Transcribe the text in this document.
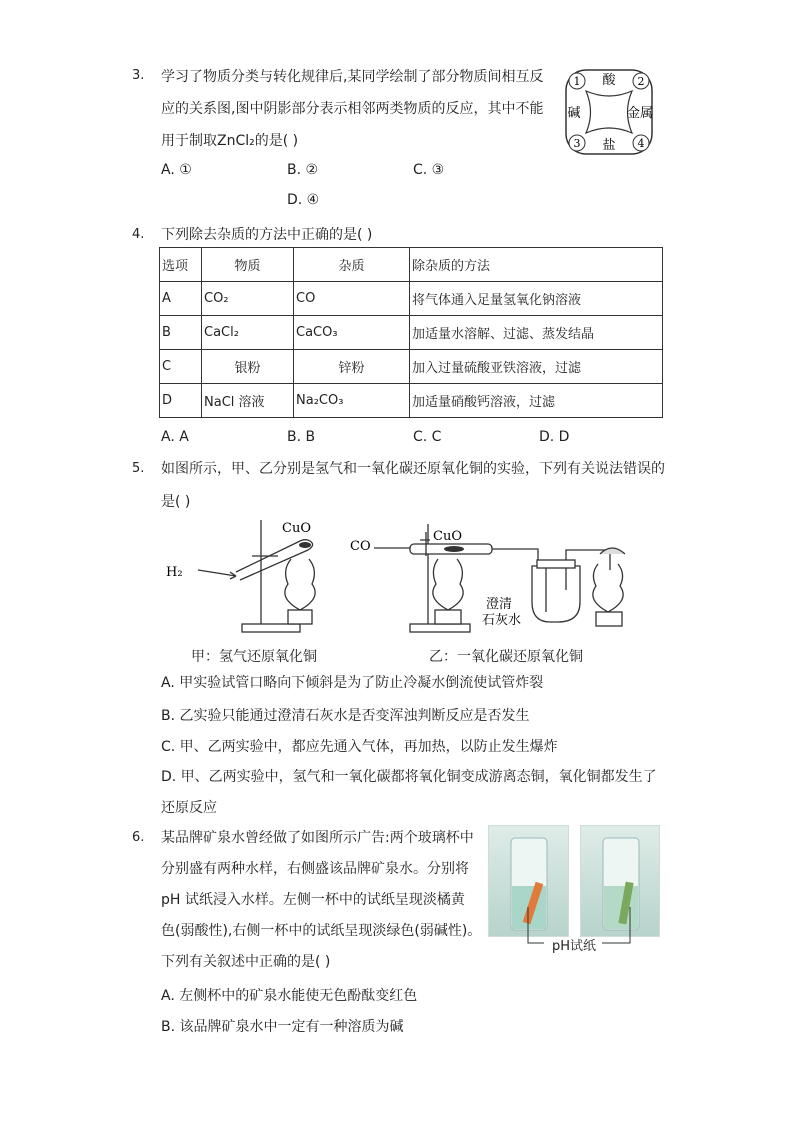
3. 学习了物质分类与转化规律后,某同学绘制了部分物质间相互反
应的关系图,图中阴影部分表示相邻两类物质的反应，其中不能
用于制取ZnCl₂的是( )
1	2
3	4
酸
碱	金属
盐
A. ①	B. ②	C. ③
D. ④
4. 下列除去杂质的方法中正确的是( )
选项	物质	杂质	除杂质的方法
A	CO₂	CO	将气体通入足量氢氧化钠溶液
B	CaCl₂	CaCO₃	加适量水溶解、过滤、蒸发结晶
C	银粉	锌粉	加入过量硫酸亚铁溶液，过滤
D	NaCl 溶液	Na₂CO₃	加适量硝酸钙溶液，过滤
A. A	B. B	C. C	D. D
5. 如图所示，甲、乙分别是氢气和一氧化碳还原氧化铜的实验，下列有关说法错误的
是( )
CuO
H₂
CO
CuO
澄清
石灰水
甲：氢气还原氧化铜	乙：一氧化碳还原氧化铜
A. 甲实验试管口略向下倾斜是为了防止冷凝水倒流使试管炸裂
B. 乙实验只能通过澄清石灰水是否变浑浊判断反应是否发生
C. 甲、乙两实验中，都应先通入气体，再加热，以防止发生爆炸
D. 甲、乙两实验中，氢气和一氧化碳都将氧化铜变成游离态铜，氧化铜都发生了
还原反应
6. 某品牌矿泉水曾经做了如图所示广告:两个玻璃杯中
分别盛有两种水样，右侧盛该品牌矿泉水。分别将
pH 试纸浸入水样。左侧一杯中的试纸呈现淡橘黄
色(弱酸性),右侧一杯中的试纸呈现淡绿色(弱碱性)。
下列有关叙述中正确的是( )
pH试纸
A. 左侧杯中的矿泉水能使无色酚酞变红色
B. 该品牌矿泉水中一定有一种溶质为碱
